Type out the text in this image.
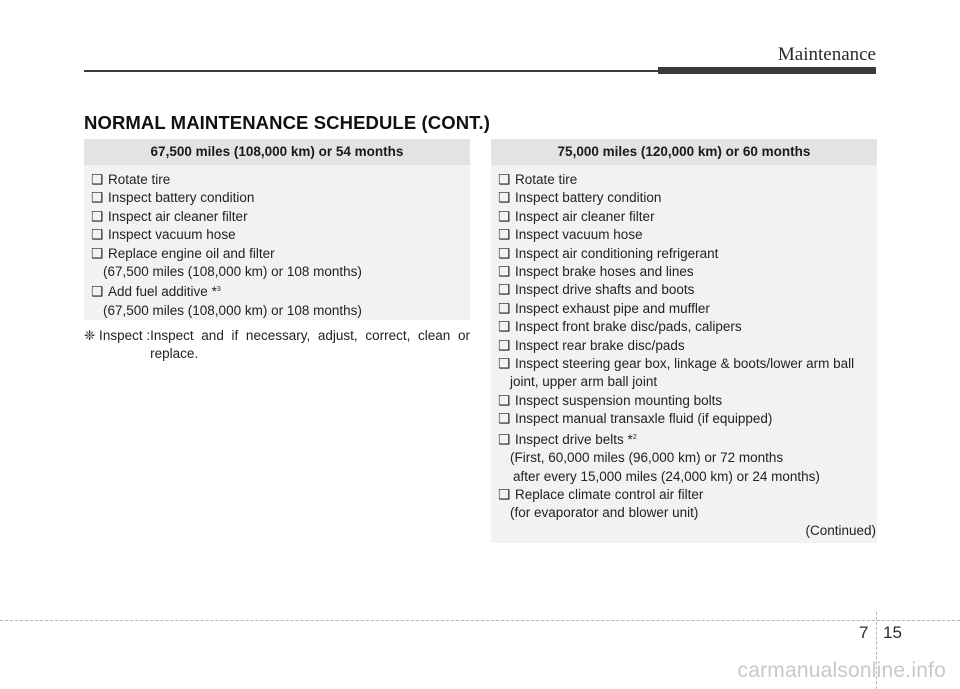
Maintenance
NORMAL MAINTENANCE SCHEDULE (CONT.)
67,500 miles (108,000 km) or 54 months
❑ Rotate tire
❑ Inspect battery condition
❑ Inspect air cleaner filter
❑ Inspect vacuum hose
❑ Replace engine oil and filter
(67,500 miles (108,000 km) or 108 months)
❑ Add fuel additive *$^3$
(67,500 miles (108,000 km) or 108 months)
❈ Inspect : Inspect and if necessary, adjust, correct, clean or replace.
75,000 miles (120,000 km) or 60 months
❑ Rotate tire
❑ Inspect battery condition
❑ Inspect air cleaner filter
❑ Inspect vacuum hose
❑ Inspect air conditioning refrigerant
❑ Inspect brake hoses and lines
❑ Inspect drive shafts and boots
❑ Inspect exhaust pipe and muffler
❑ Inspect front brake disc/pads, calipers
❑ Inspect rear brake disc/pads
❑ Inspect steering gear box, linkage & boots/lower arm ball
joint, upper arm ball joint
❑ Inspect suspension mounting bolts
❑ Inspect manual transaxle fluid (if equipped)
❑ Inspect drive belts *$^2$
(First, 60,000 miles (96,000 km) or 72 months
after every 15,000 miles (24,000 km) or 24 months)
❑ Replace climate control air filter
(for evaporator and blower unit)
(Continued)
7 15
carmanualsonline.info
